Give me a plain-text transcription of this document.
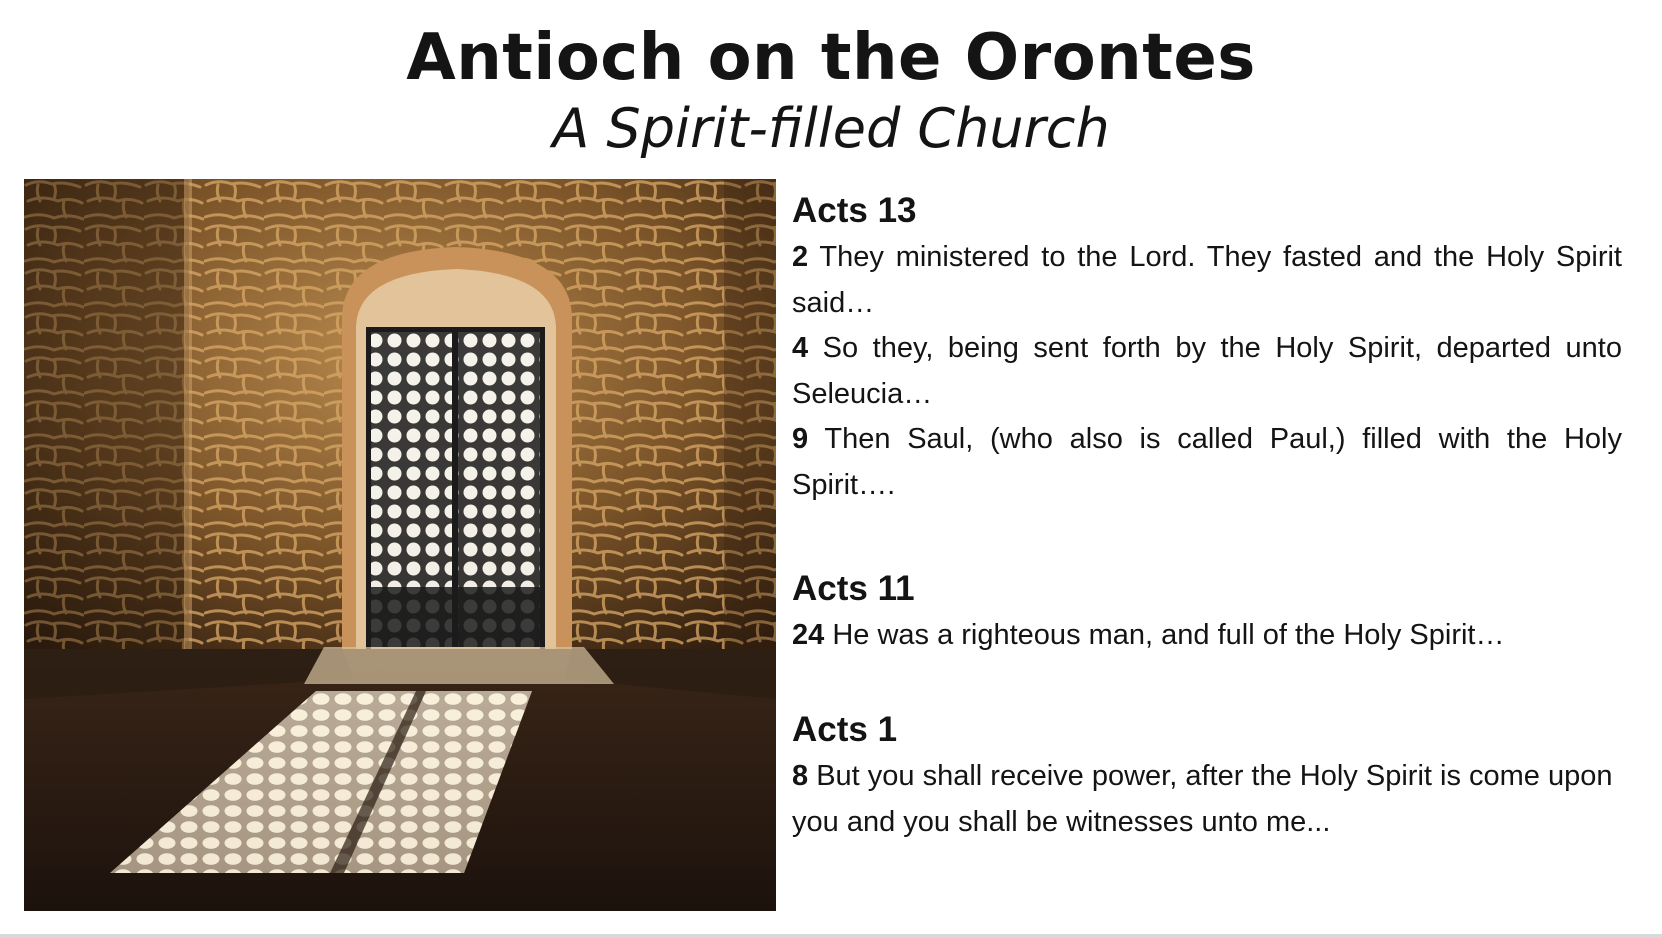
Antioch on the Orontes
A Spirit-filled Church
Acts 13
2 They ministered to the Lord. They fasted and the Holy Spirit said…
4 So they, being sent forth by the Holy Spirit, departed unto Seleucia…
9 Then Saul, (who also is called Paul,) filled with the Holy Spirit….
Acts 11
24 He was a righteous man, and full of the Holy Spirit…
Acts 1
8 But you shall receive power, after the Holy Spirit is come upon you and you shall be witnesses unto me...
